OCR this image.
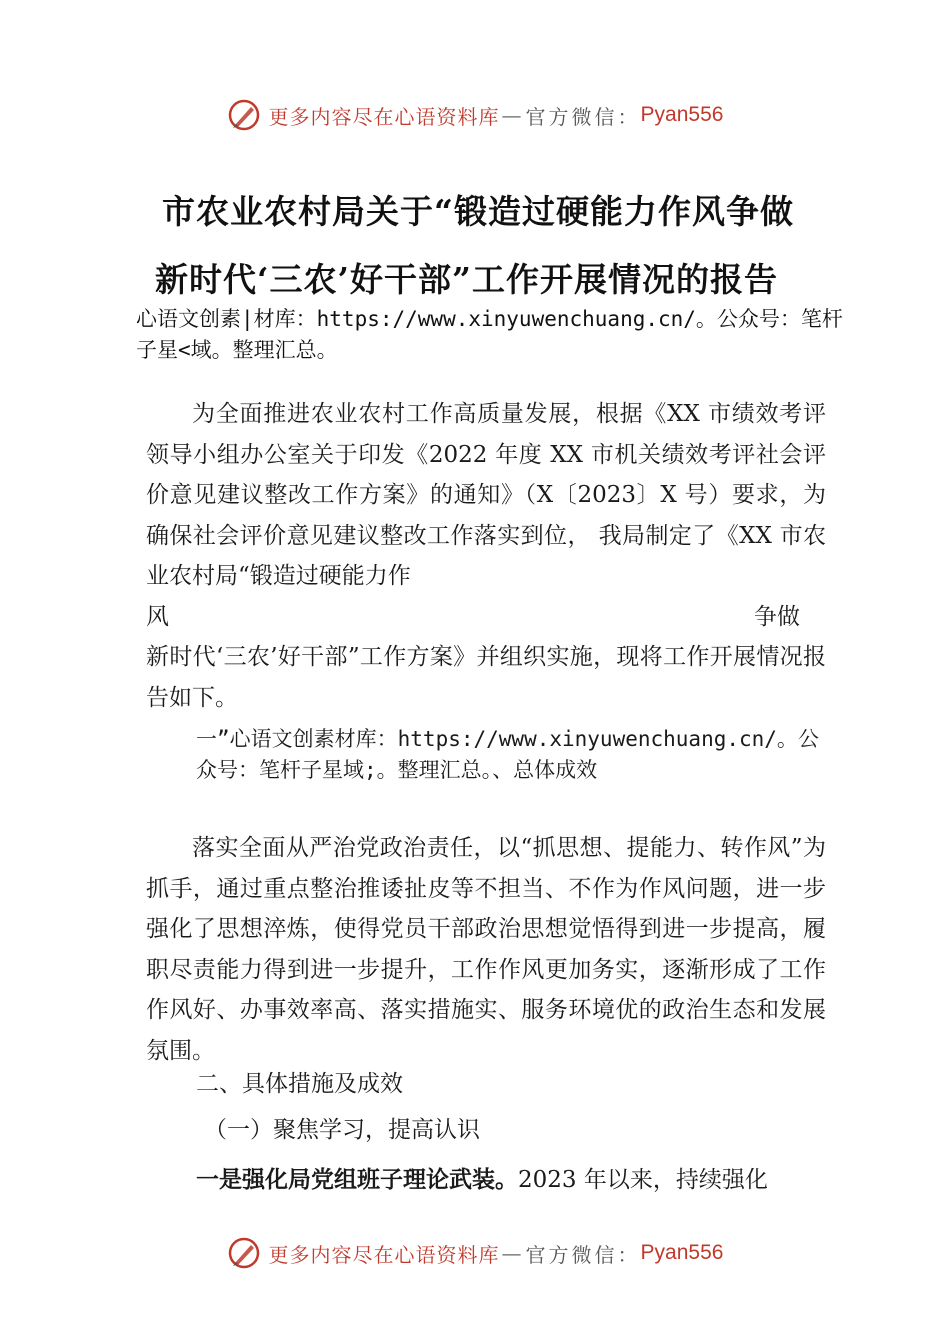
更多内容尽在心语资料库 — 官方微信： Pyan556
市农业农村局关于“锻造过硬能力作风争做
新时代‘三农’好干部”工作开展情况的报告
心语文创素|材库：https://www.xinyuwenchuang.cn/。公众号：笔杆子星<域。整理汇总。
为全面推进农业农村工作高质量发展，根据《XX 市绩效考评领导小组办公室关于印发《2022 年度 XX 市机关绩效考评社会评价意见建议整改工作方案》的通知》（X〔2023〕X 号）要求，为确保社会评价意见建议整改工作落实到位， 我局制定了《XX 市农业农村局“锻造过硬能力作
风	争做
新时代‘三农’好干部”工作方案》并组织实施，现将工作开展情况报告如下。
一”心语文创素材库：https://www.xinyuwenchuang.cn/。公众号：笔杆子星域;。整理汇总。、总体成效
落实全面从严治党政治责任，以“抓思想、提能力、转作风”为抓手，通过重点整治推诿扯皮等不担当、不作为作风问题，进一步强化了思想淬炼，使得党员干部政治思想觉悟得到进一步提高，履职尽责能力得到进一步提升，工作作风更加务实，逐渐形成了工作作风好、办事效率高、落实措施实、服务环境优的政治生态和发展氛围。
二、具体措施及成效
（一）聚焦学习，提高认识
一是强化局党组班子理论武装。2023 年以来，持续强化
更多内容尽在心语资料库 — 官方微信： Pyan556
